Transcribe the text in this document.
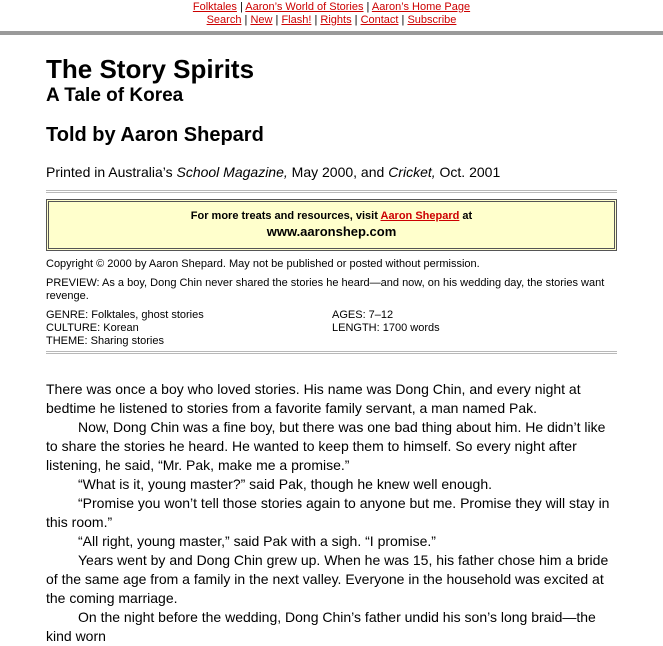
Folktales | Aaron’s World of Stories | Aaron’s Home Page
Search | New | Flash! | Rights | Contact | Subscribe
The Story Spirits
A Tale of Korea
Told by Aaron Shepard

Printed in Australia’s School Magazine, May 2000, and Cricket, Oct. 2001

For more treats and resources, visit Aaron Shepard at
www.aaronshep.com
Copyright © 2000 by Aaron Shepard. May not be published or posted without permission.
PREVIEW: As a boy, Dong Chin never shared the stories he heard—and now, on his wedding day, the stories want revenge.
GENRE: Folktales, ghost stories
CULTURE: Korean
THEME: Sharing stories
AGES: 7–12
LENGTH: 1700 words

There was once a boy who loved stories. His name was Dong Chin, and every night at bedtime he listened to stories from a favorite family servant, a man named Pak.

Now, Dong Chin was a fine boy, but there was one bad thing about him. He didn’t like to share the stories he heard. He wanted to keep them to himself. So every night after listening, he said, “Mr. Pak, make me a promise.”

“What is it, young master?” said Pak, though he knew well enough.

“Promise you won’t tell those stories again to anyone but me. Promise they will stay in this room.”

“All right, young master,” said Pak with a sigh. “I promise.”

Years went by and Dong Chin grew up. When he was 15, his father chose him a bride of the same age from a family in the next valley. Everyone in the household was excited at the coming marriage.

On the night before the wedding, Dong Chin’s father undid his son’s long braid—the kind worn
